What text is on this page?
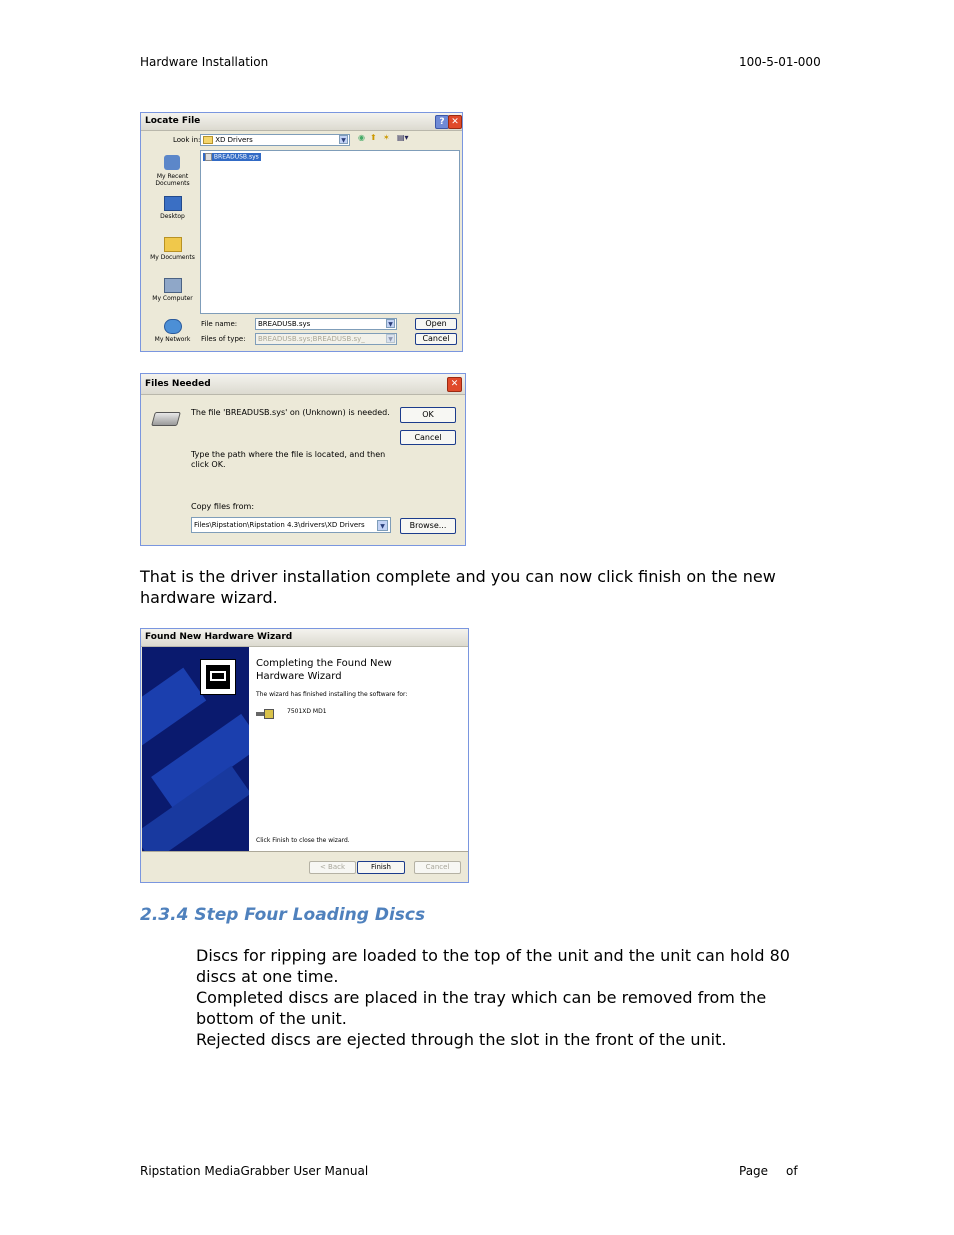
Hardware Installation	100-5-01-000
Locate File	? ✕
Look in:	XD Drivers	▼ ◉ ⬆ ✶ ▤▾
My Recent Documents
Desktop
My Documents
My Computer
My Network
BREADUSB.sys
File name:	BREADUSB.sys	▼	Open
Files of type:	BREADUSB.sys;BREADUSB.sy_	▼	Cancel
Files Needed	✕
The file 'BREADUSB.sys' on (Unknown) is needed.
Type the path where the file is located, and then click OK.
Copy files from:
Files\Ripstation\Ripstation 4.3\drivers\XD Drivers	▼
OK
Cancel
Browse...
That is the driver installation complete and you can now click finish on the new hardware wizard.
Found New Hardware Wizard
Completing the Found New Hardware Wizard
The wizard has finished installing the software for:
7501XD MD1
Click Finish to close the wizard.
< Back	Finish	Cancel
2.3.4 Step Four Loading Discs
Discs for ripping are loaded to the top of the unit and the unit can hold 80 discs at one time.
Completed discs are placed in the tray which can be removed from the bottom of the unit.
Rejected discs are ejected through the slot in the front of the unit.
Ripstation MediaGrabber User Manual	Page of
